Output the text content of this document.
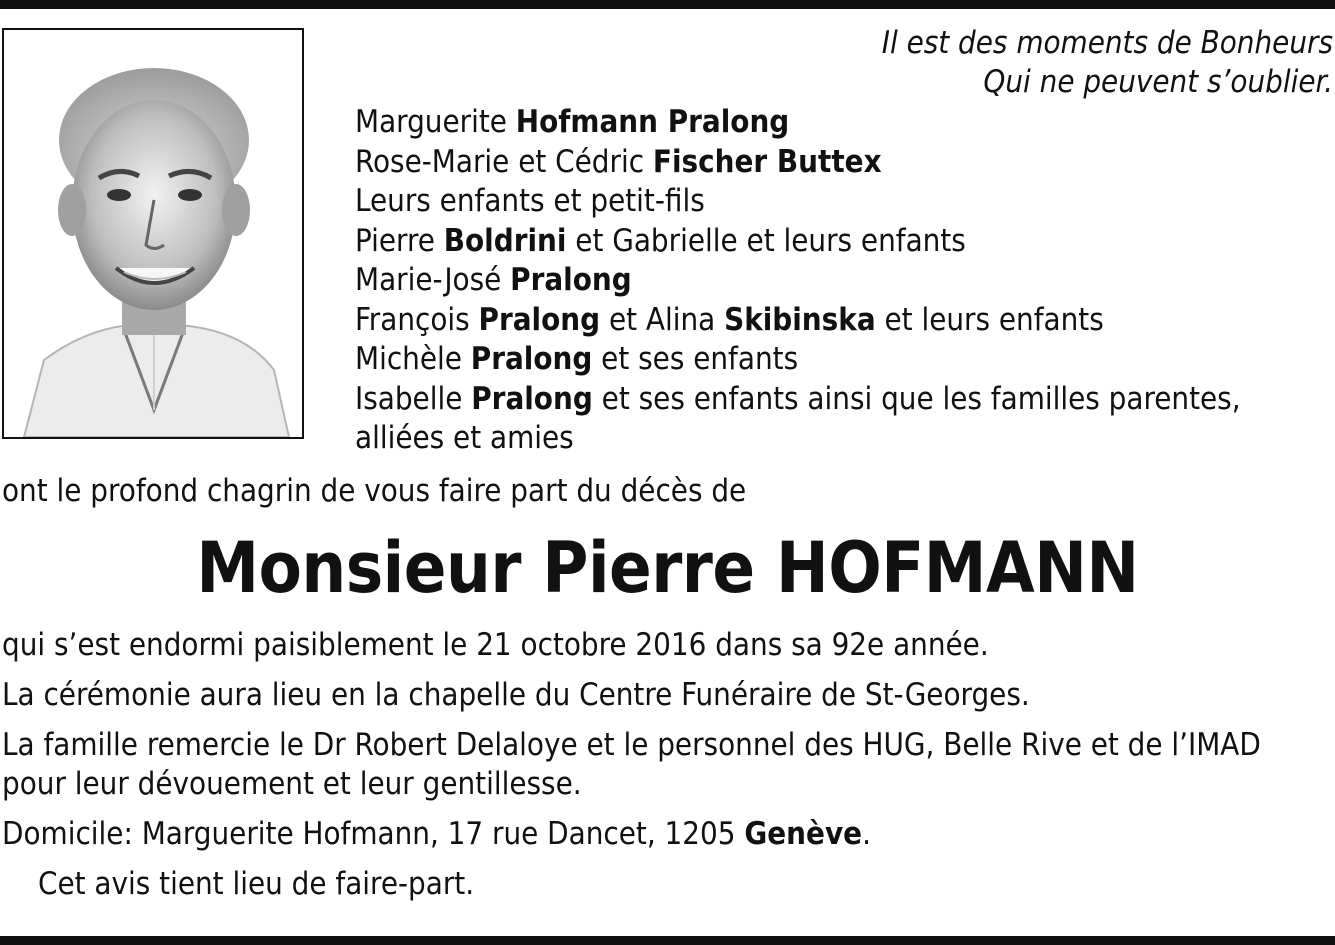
Il est des moments de Bonheurs
Qui ne peuvent s’oublier.
Marguerite Hofmann Pralong
Rose-Marie et Cédric Fischer Buttex
Leurs enfants et petit-fils
Pierre Boldrini et Gabrielle et leurs enfants
Marie-José Pralong
François Pralong et Alina Skibinska et leurs enfants
Michèle Pralong et ses enfants
Isabelle Pralong et ses enfants ainsi que les familles parentes,
alliées et amies
ont le profond chagrin de vous faire part du décès de
Monsieur Pierre HOFMANN

qui s’est endormi paisiblement le 21 octobre 2016 dans sa 92e année.

La cérémonie aura lieu en la chapelle du Centre Funéraire de St-Georges.

La famille remercie le Dr Robert Delaloye et le personnel des HUG, Belle Rive et de l’IMAD
pour leur dévouement et leur gentillesse.

Domicile: Marguerite Hofmann, 17 rue Dancet, 1205 Genève.

Cet avis tient lieu de faire-part.
